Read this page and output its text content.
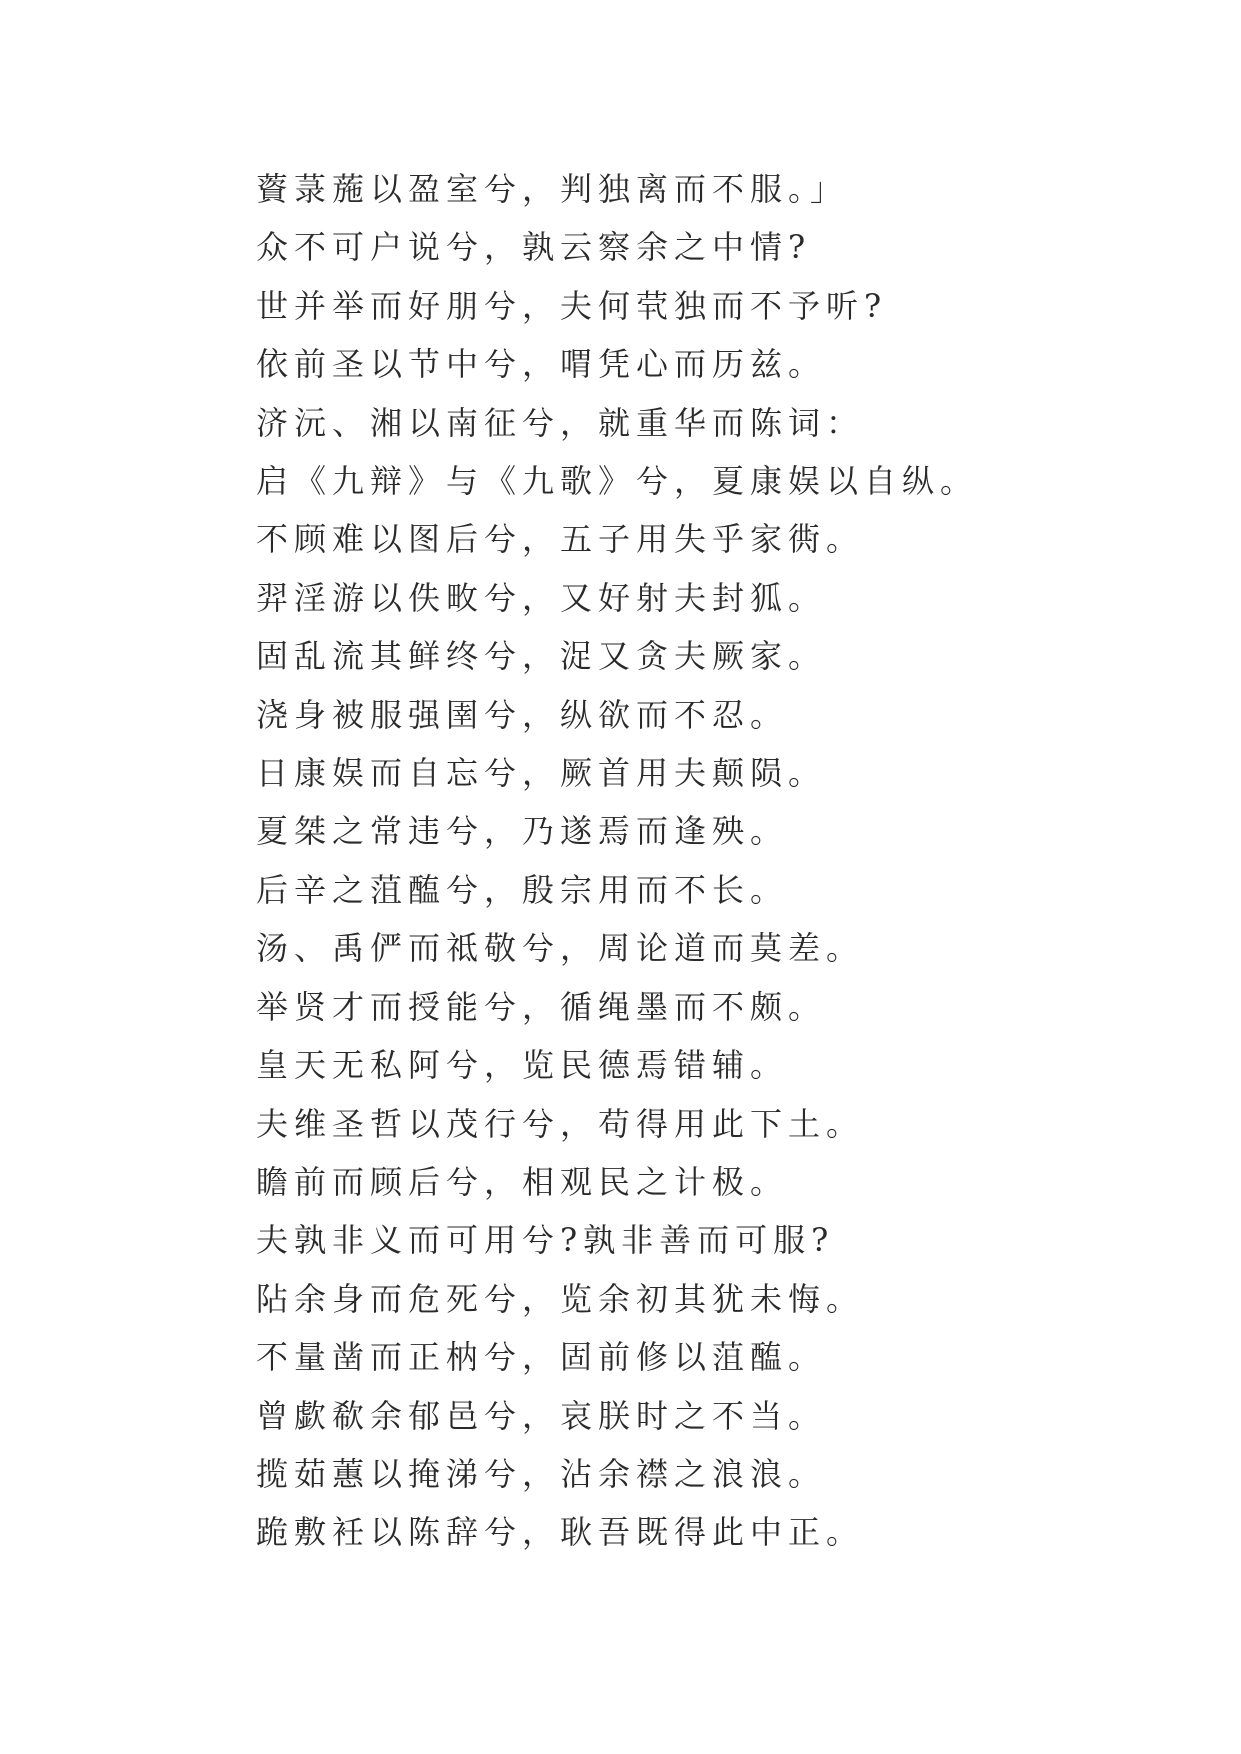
薋菉葹以盈室兮，判独离而不服。」

众不可户说兮，孰云察余之中情?

世并举而好朋兮，夫何茕独而不予听?

依前圣以节中兮，喟凭心而历兹。

济沅、湘以南征兮，就重华而陈词：

启《九辩》与《九歌》兮，夏康娱以自纵。

不顾难以图后兮，五子用失乎家衖。

羿淫游以佚畋兮，又好射夫封狐。

固乱流其鲜终兮，浞又贪夫厥家。

浇身被服强圉兮，纵欲而不忍。

日康娱而自忘兮，厥首用夫颠陨。

夏桀之常违兮，乃遂焉而逢殃。

后辛之菹醢兮，殷宗用而不长。

汤、禹俨而祗敬兮，周论道而莫差。

举贤才而授能兮，循绳墨而不颇。

皇天无私阿兮，览民德焉错辅。

夫维圣哲以茂行兮，苟得用此下土。

瞻前而顾后兮，相观民之计极。

夫孰非义而可用兮?孰非善而可服?

阽余身而危死兮，览余初其犹未悔。

不量凿而正枘兮，固前修以菹醢。

曾歔欷余郁邑兮，哀朕时之不当。

揽茹蕙以掩涕兮，沾余襟之浪浪。

跪敷衽以陈辞兮，耿吾既得此中正。
